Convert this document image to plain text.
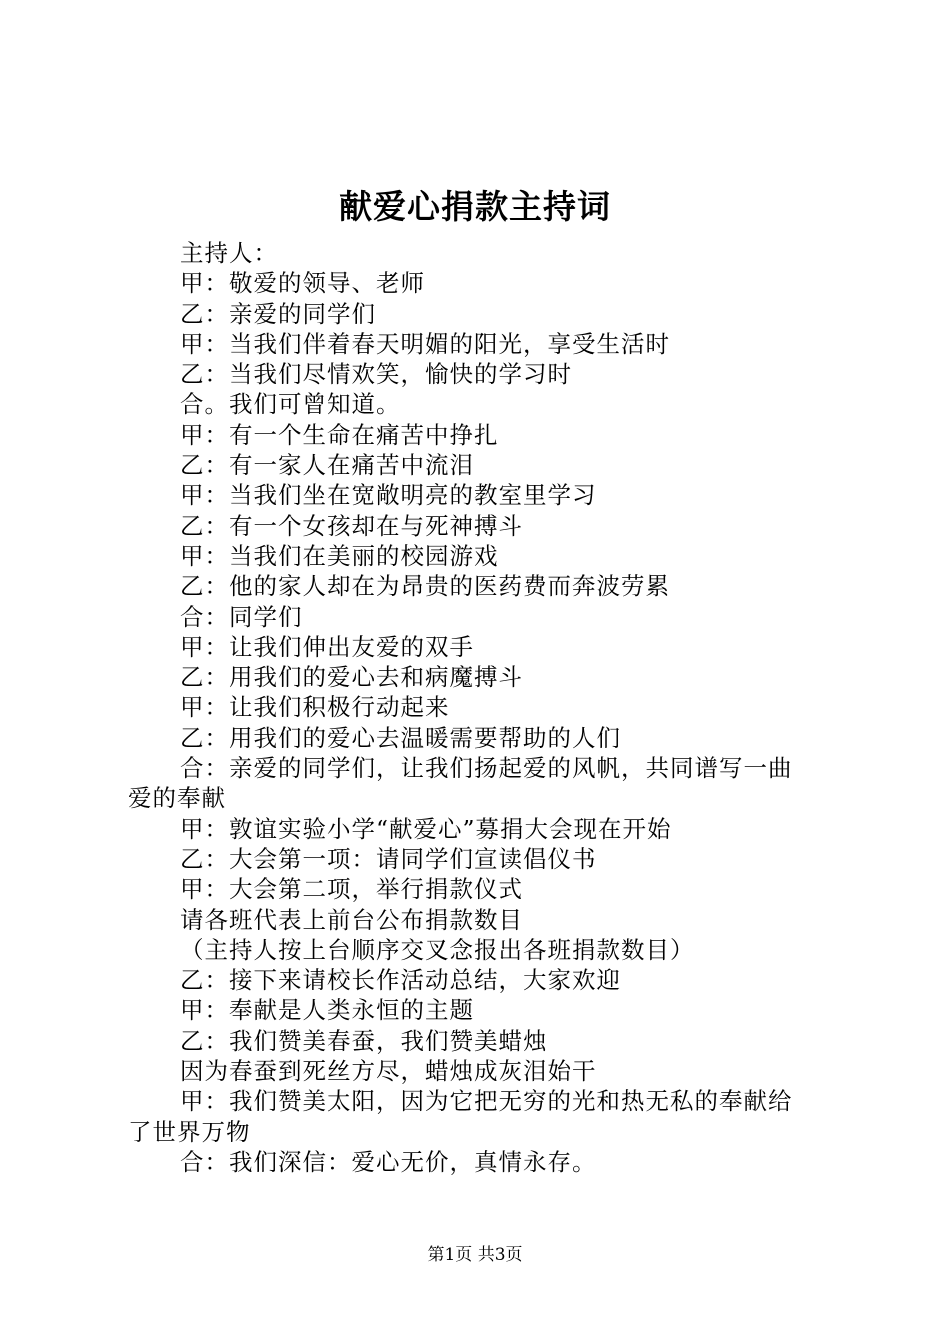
献爱心捐款主持词
主持人：
甲：敬爱的领导、老师
乙：亲爱的同学们
甲：当我们伴着春天明媚的阳光，享受生活时
乙：当我们尽情欢笑，愉快的学习时
合。我们可曾知道。
甲：有一个生命在痛苦中挣扎
乙：有一家人在痛苦中流泪
甲：当我们坐在宽敞明亮的教室里学习
乙：有一个女孩却在与死神搏斗
甲：当我们在美丽的校园游戏
乙：他的家人却在为昂贵的医药费而奔波劳累
合：同学们
甲：让我们伸出友爱的双手
乙：用我们的爱心去和病魔搏斗
甲：让我们积极行动起来
乙：用我们的爱心去温暖需要帮助的人们
合：亲爱的同学们，让我们扬起爱的风帆，共同谱写一曲
爱的奉献
甲：敦谊实验小学“献爱心”募捐大会现在开始
乙：大会第一项：请同学们宣读倡仪书
甲：大会第二项，举行捐款仪式
请各班代表上前台公布捐款数目
（主持人按上台顺序交叉念报出各班捐款数目）
乙：接下来请校长作活动总结，大家欢迎
甲：奉献是人类永恒的主题
乙：我们赞美春蚕，我们赞美蜡烛
因为春蚕到死丝方尽，蜡烛成灰泪始干
甲：我们赞美太阳，因为它把无穷的光和热无私的奉献给
了世界万物
合：我们深信：爱心无价，真情永存。
第1页 共3页
